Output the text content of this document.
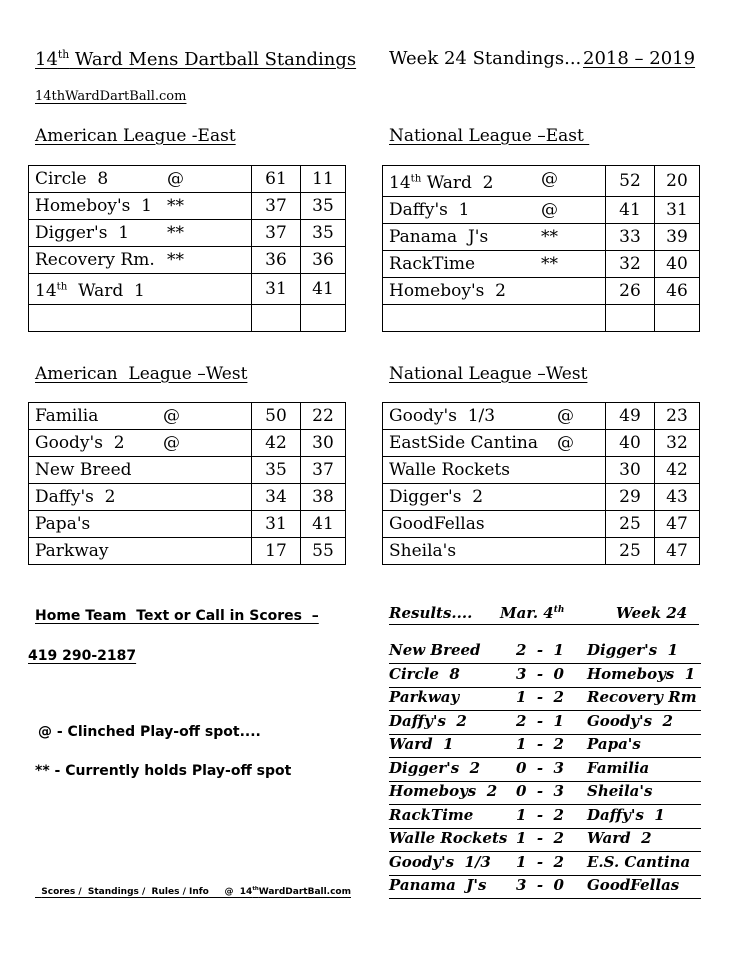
14th Ward Mens Dartball Standings Week 24 Standings... 2018 – 2019
14thWardDartBall.com
American League -East	National League –East
American  League –West	National League –West
Circle  8 @	61	11
Homeboy's  1 **	37	35
Digger's  1 **	37	35
Recovery Rm. **	36	36
14th  Ward  1	31	41

14th Ward  2 @	52	20
Daffy's  1 @	41	31
Panama  J's **	33	39
RackTime **	32	40
Homeboy's  2	26	46

Familia @	50	22
Goody's  2 @	42	30
New Breed	35	37
Daffy's  2	34	38
Papa's	31	41
Parkway	17	55
Goody's  1/3 @	49	23
EastSide Cantina @	40	32
Walle Rockets	30	42
Digger's  2	29	43
GoodFellas	25	47
Sheila's	25	47
Home Team  Text or Call in Scores  –
419 290-2187
@ - Clinched Play-off spot....
** - Currently holds Play-off spot

Scores /  Standings /  Rules / Info     @  14thWardDartBall.com

Results.... Mar. 4th	Week 24
New Breed 2  -  1 Digger's  1
Circle  8	3  -  0 Homeboys  1
Parkway	1  -  2 Recovery Rm
Daffy's  2	2  -  1 Goody's  2
Ward  1	1  -  2 Papa's
Digger's  2 0  -  3 Familia
Homeboys  2 0  -  3 Sheila's
RackTime	1  -  2 Daffy's  1
Walle Rockets 1  -  2 Ward  2
Goody's  1/3 1  -  2 E.S. Cantina
Panama  J's 3  -  0 GoodFellas
